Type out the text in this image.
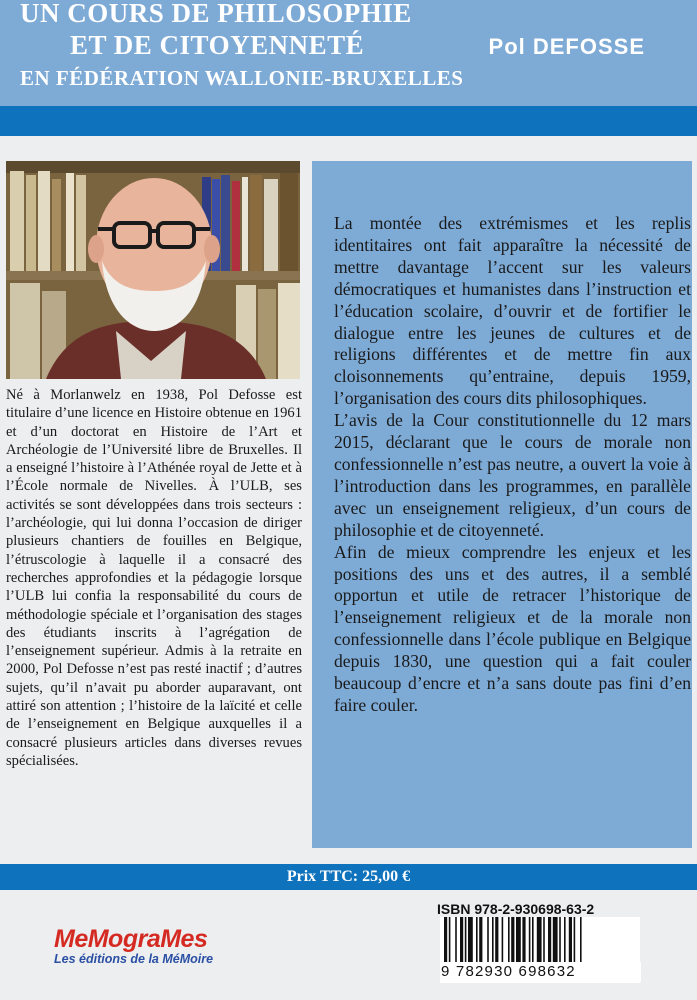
UN COURS DE PHILOSOPHIE
ET DE CITOYENNETÉ
EN FÉDÉRATION WALLONIE-BRUXELLES
Pol DEFOSSE

Né à Morlanwelz en 1938, Pol Defosse est titulaire d’une licence en Histoire obtenue en 1961 et d’un doctorat en Histoire de l’Art et Archéologie de l’Université libre de Bruxelles. Il a enseigné l’histoire à l’Athénée royal de Jette et à l’École normale de Nivelles. À l’ULB, ses activités se sont développées dans trois secteurs : l’archéologie, qui lui donna l’occasion de diriger plusieurs chantiers de fouilles en Belgique, l’étruscologie à laquelle il a consacré des recherches approfondies et la pédagogie lorsque l’ULB lui confia la responsabilité du cours de méthodologie spéciale et l’organisation des stages des étudiants inscrits à l’agrégation de l’enseignement supérieur. Admis à la retraite en 2000, Pol Defosse n’est pas resté inactif ; d’autres sujets, qu’il n’avait pu aborder auparavant, ont attiré son attention ; l’histoire de la laïcité et celle de l’enseignement en Belgique auxquelles il a consacré plusieurs articles dans diverses revues spécialisées.

La montée des extrémismes et les replis identitaires ont fait apparaître la nécessité de mettre davantage l’accent sur les valeurs démocratiques et humanistes dans l’instruction et l’éducation scolaire, d’ouvrir et de fortifier le dialogue entre les jeunes de cultures et de religions différentes et de mettre fin aux cloisonnements qu’entraine, depuis 1959, l’organisation des cours dits philosophiques.

L’avis de la Cour constitutionnelle du 12 mars 2015, déclarant que le cours de morale non confessionnelle n’est pas neutre, a ouvert la voie à l’introduction dans les programmes, en parallèle avec un enseignement religieux, d’un cours de philosophie et de citoyenneté.

Afin de mieux comprendre les enjeux et les positions des uns et des autres, il a semblé opportun et utile de retracer l’historique de l’enseignement religieux et de la morale non confessionnelle dans l’école publique en Belgique depuis 1830, une question qui a fait couler beaucoup d’encre et n’a sans doute pas fini d’en faire couler.

Prix TTC: 25,00 €
MeMograMes
Les éditions de la MéMoire
ISBN 978-2-930698-63-2
9 782930 698632
